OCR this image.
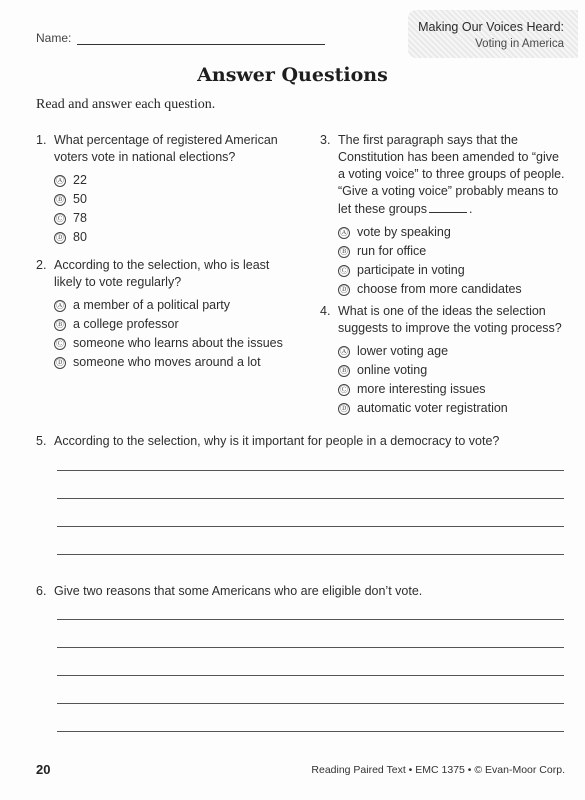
Name:
Making Our Voices Heard:
Voting in America
Answer Questions
Read and answer each question.
1. What percentage of registered American
voters vote in national elections?
Ⓐ 22
Ⓑ 50
Ⓒ 78
Ⓓ 80
2. According to the selection, who is least
likely to vote regularly?
Ⓐ a member of a political party
Ⓑ a college professor
Ⓒ someone who learns about the issues
Ⓓ someone who moves around a lot
3. The first paragraph says that the
Constitution has been amended to “give
a voting voice” to three groups of people.
“Give a voting voice” probably means to
let these groups	.
Ⓐ vote by speaking
Ⓑ run for office
Ⓒ participate in voting
Ⓓ choose from more candidates
4. What is one of the ideas the selection
suggests to improve the voting process?
Ⓐ lower voting age
Ⓑ online voting
Ⓒ more interesting issues
Ⓓ automatic voter registration
5. According to the selection, why is it important for people in a democracy to vote?
6. Give two reasons that some Americans who are eligible don’t vote.
20	Reading Paired Text • EMC 1375 • © Evan-Moor Corp.
